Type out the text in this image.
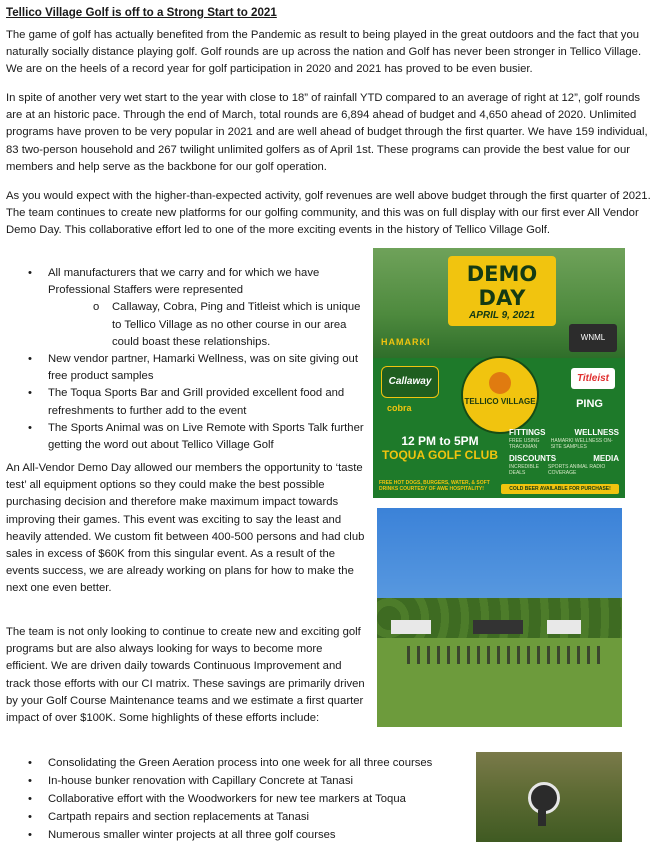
Tellico Village Golf is off to a Strong Start to 2021

The game of golf has actually benefited from the Pandemic as result to being played in the great outdoors and the fact that you naturally socially distance playing golf. Golf rounds are up across the nation and Golf has never been stronger in Tellico Village. We are on the heels of a record year for golf participation in 2020 and 2021 has proved to be even busier.

In spite of another very wet start to the year with close to 18” of rainfall YTD compared to an average of right at 12”, golf rounds are at an historic pace. Through the end of March, total rounds are 6,894 ahead of budget and 4,650 ahead of 2020. Unlimited programs have proven to be very popular in 2021 and are well ahead of budget through the first quarter. We have 159 individual, 83 two-person household and 267 twilight unlimited golfers as of April 1st. These programs can provide the best value for our members and help serve as the backbone for our golf operation.

As you would expect with the higher-than-expected activity, golf revenues are well above budget through the first quarter of 2021. The team continues to create new platforms for our golfing community, and this was on full display with our first ever All Vendor Demo Day. This collaborative effort led to one of the more exciting events in the history of Tellico Village Golf.

• All manufacturers that we carry and for which we have Professional Staffers were represented
o Callaway, Cobra, Ping and Titleist which is unique to Tellico Village as no other course in our area could boast these relationships.
• New vendor partner, Hamarki Wellness, was on site giving out free product samples
• The Toqua Sports Bar and Grill provided excellent food and refreshments to further add to the event
• The Sports Animal was on Live Remote with Sports Talk further getting the word out about Tellico Village Golf

An All-Vendor Demo Day allowed our members the opportunity to ‘taste test’ all equipment options so they could make the best possible purchasing decision and therefore make maximum impact towards improving their games. This event was exciting to say the least and heavily attended. We custom fit between 400-500 persons and had club sales in excess of $60K from this singular event. As a result of the events success, we are already working on plans for how to make the next one even better.

The team is not only looking to continue to create new and exciting golf programs but are also always looking for ways to become more efficient. We are driven daily towards Continuous Improvement and track those efforts with our CI matrix. These savings are primarily driven by your Golf Course Maintenance teams and we estimate a first quarter impact of over $100K. Some highlights of these efforts include:

• Consolidating the Green Aeration process into one week for all three courses
• In-house bunker renovation with Capillary Concrete at Tanasi
• Collaborative effort with the Woodworkers for new tee markers at Toqua
• Cartpath repairs and section replacements at Tanasi
• Numerous smaller winter projects at all three golf courses
DEMO DAY
APRIL 9, 2021
HAMARKI	WNML
Callaway
cobra
TELLICO VILLAGE
Titleist
PING
12 PM to 5PM
TOQUA GOLF CLUB
FITTINGS	WELLNESS
FREE USING TRACKMAN
HAMARKI WELLNESS ON-SITE SAMPLES
DISCOUNTS	MEDIA
INCREDIBLE DEALS
SPORTS ANIMAL RADIO COVERAGE
FREE HOT DOGS, BURGERS, WATER, & SOFT DRINKS COURTESY OF AWE HOSPITALITY!	COLD BEER AVAILABLE FOR PURCHASE!
